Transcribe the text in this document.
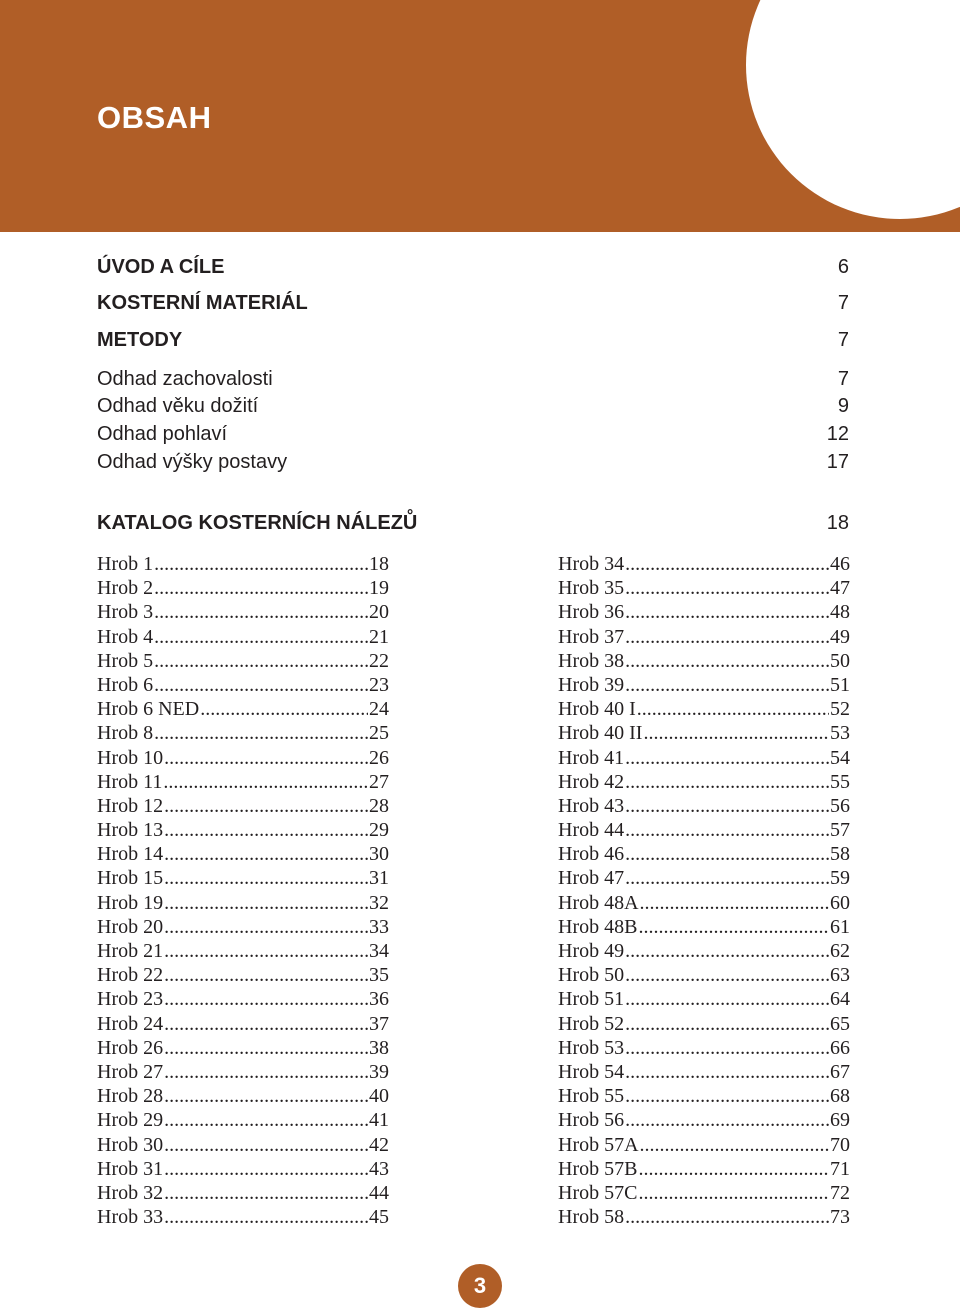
OBSAH
ÚVOD A CÍLE	6
KOSTERNÍ MATERIÁL	7
METODY	7
Odhad zachovalosti	7
Odhad věku dožití	9
Odhad pohlaví	12
Odhad výšky postavy	17
KATALOG KOSTERNÍCH NÁLEZŮ	18
Hrob 1 .....	18
Hrob 2 .....	19
Hrob 3 .....	20
Hrob 4 .....	21
Hrob 5 .....	22
Hrob 6 .....	23
Hrob 6 NED .....	24
Hrob 8 .....	25
Hrob 10 .....	26
Hrob 11 .....	27
Hrob 12 .....	28
Hrob 13 .....	29
Hrob 14 .....	30
Hrob 15 .....	31
Hrob 19 .....	32
Hrob 20 .....	33
Hrob 21 .....	34
Hrob 22 .....	35
Hrob 23 .....	36
Hrob 24 .....	37
Hrob 26 .....	38
Hrob 27 .....	39
Hrob 28 .....	40
Hrob 29 .....	41
Hrob 30 .....	42
Hrob 31 .....	43
Hrob 32 .....	44
Hrob 33 .....	45
Hrob 34 .....	46
Hrob 35 .....	47
Hrob 36 .....	48
Hrob 37 .....	49
Hrob 38 .....	50
Hrob 39 .....	51
Hrob 40 I .....	52
Hrob 40 II .....	53
Hrob 41 .....	54
Hrob 42 .....	55
Hrob 43 .....	56
Hrob 44 .....	57
Hrob 46 .....	58
Hrob 47 .....	59
Hrob 48A .....	60
Hrob 48B .....	61
Hrob 49 .....	62
Hrob 50 .....	63
Hrob 51 .....	64
Hrob 52 .....	65
Hrob 53 .....	66
Hrob 54 .....	67
Hrob 55 .....	68
Hrob 56 .....	69
Hrob 57A .....	70
Hrob 57B .....	71
Hrob 57C .....	72
Hrob 58 .....	73
3
